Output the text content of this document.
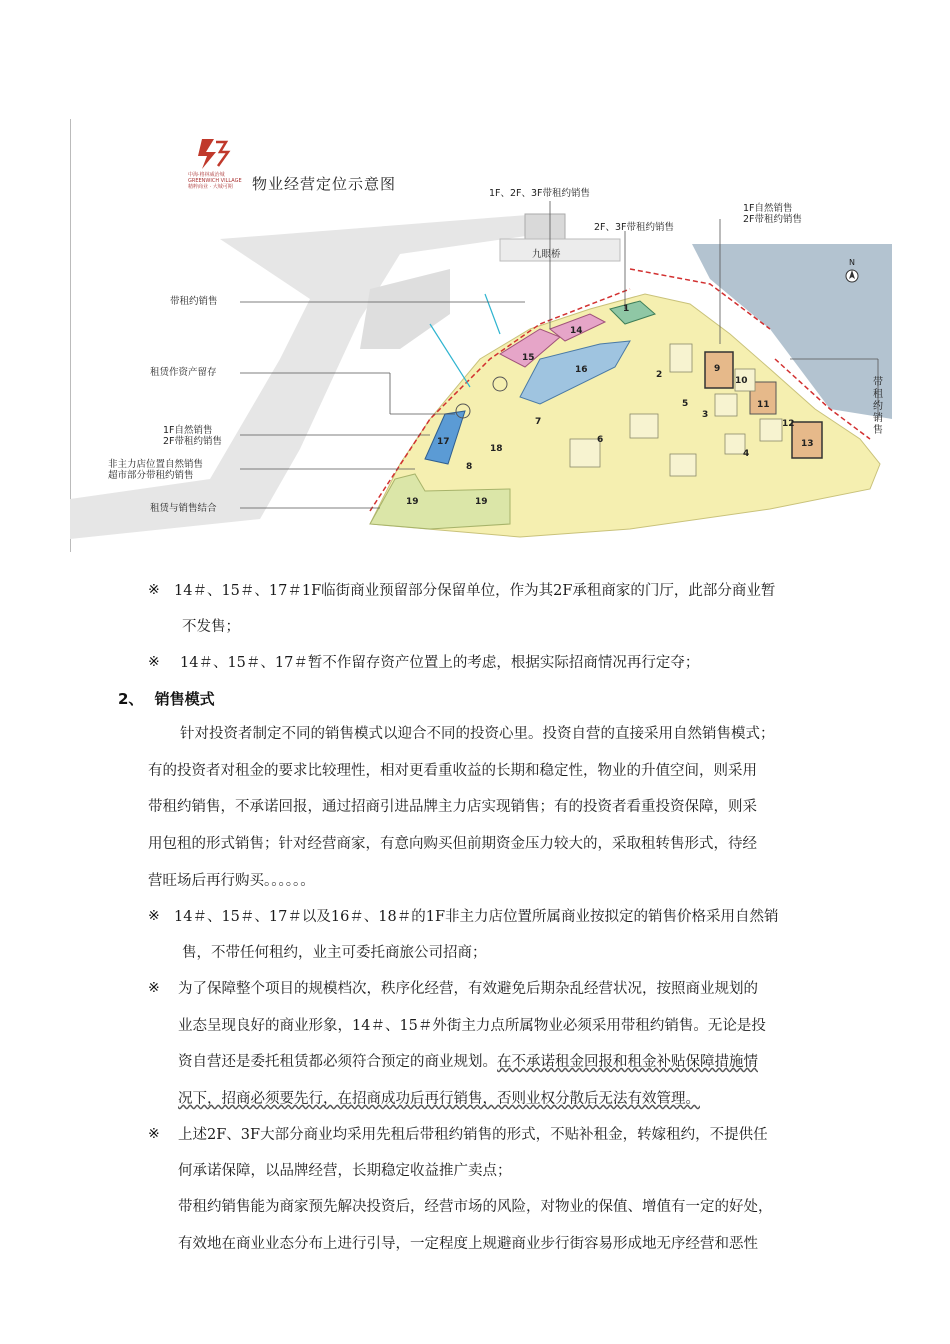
中海·格林威治城 GREENWICH VILLAGE
精粹商业 · 大城可期	物业经营定位示意图
1F、2F、3F带租约销售
2F、3F带租约销售
1F自然销售
2F带租约销售
带租约销售
租赁作资产留存
1F自然销售
2F带租约销售
非主力店位置自然销售
超市部分带租约销售
租赁与销售结合
带租约销售
九眼桥
N
1
2
3
4
5
6
7
8
9
10
11
12
13
14
15
16
17
18
19	19
※ 14＃、15＃、17＃1F临街商业预留部分保留单位，作为其2F承租商家的门厅，此部分商业暂
不发售；
※ 14＃、15＃、17＃暂不作留存资产位置上的考虑，根据实际招商情况再行定夺；
2、 销售模式
针对投资者制定不同的销售模式以迎合不同的投资心里。投资自营的直接采用自然销售模式；
有的投资者对租金的要求比较理性，相对更看重收益的长期和稳定性，物业的升值空间，则采用
带租约销售，不承诺回报，通过招商引进品牌主力店实现销售；有的投资者看重投资保障，则采
用包租的形式销售；针对经营商家，有意向购买但前期资金压力较大的，采取租转售形式，待经
营旺场后再行购买。。。。。。
※ 14＃、15＃、17＃以及16＃、18＃的1F非主力店位置所属商业按拟定的销售价格采用自然销
售，不带任何租约，业主可委托商旅公司招商；
※ 为了保障整个项目的规模档次，秩序化经营，有效避免后期杂乱经营状况，按照商业规划的
业态呈现良好的商业形象，14＃、15＃外街主力点所属物业必须采用带租约销售。无论是投
资自营还是委托租赁都必须符合预定的商业规划。在不承诺租金回报和租金补贴保障措施情
况下，招商必须要先行，在招商成功后再行销售，否则业权分散后无法有效管理。
※ 上述2F、3F大部分商业均采用先租后带租约销售的形式，不贴补租金，转嫁租约，不提供任
何承诺保障，以品牌经营，长期稳定收益推广卖点；
带租约销售能为商家预先解决投资后，经营市场的风险，对物业的保值、增值有一定的好处，
有效地在商业业态分布上进行引导，一定程度上规避商业步行街容易形成地无序经营和恶性
